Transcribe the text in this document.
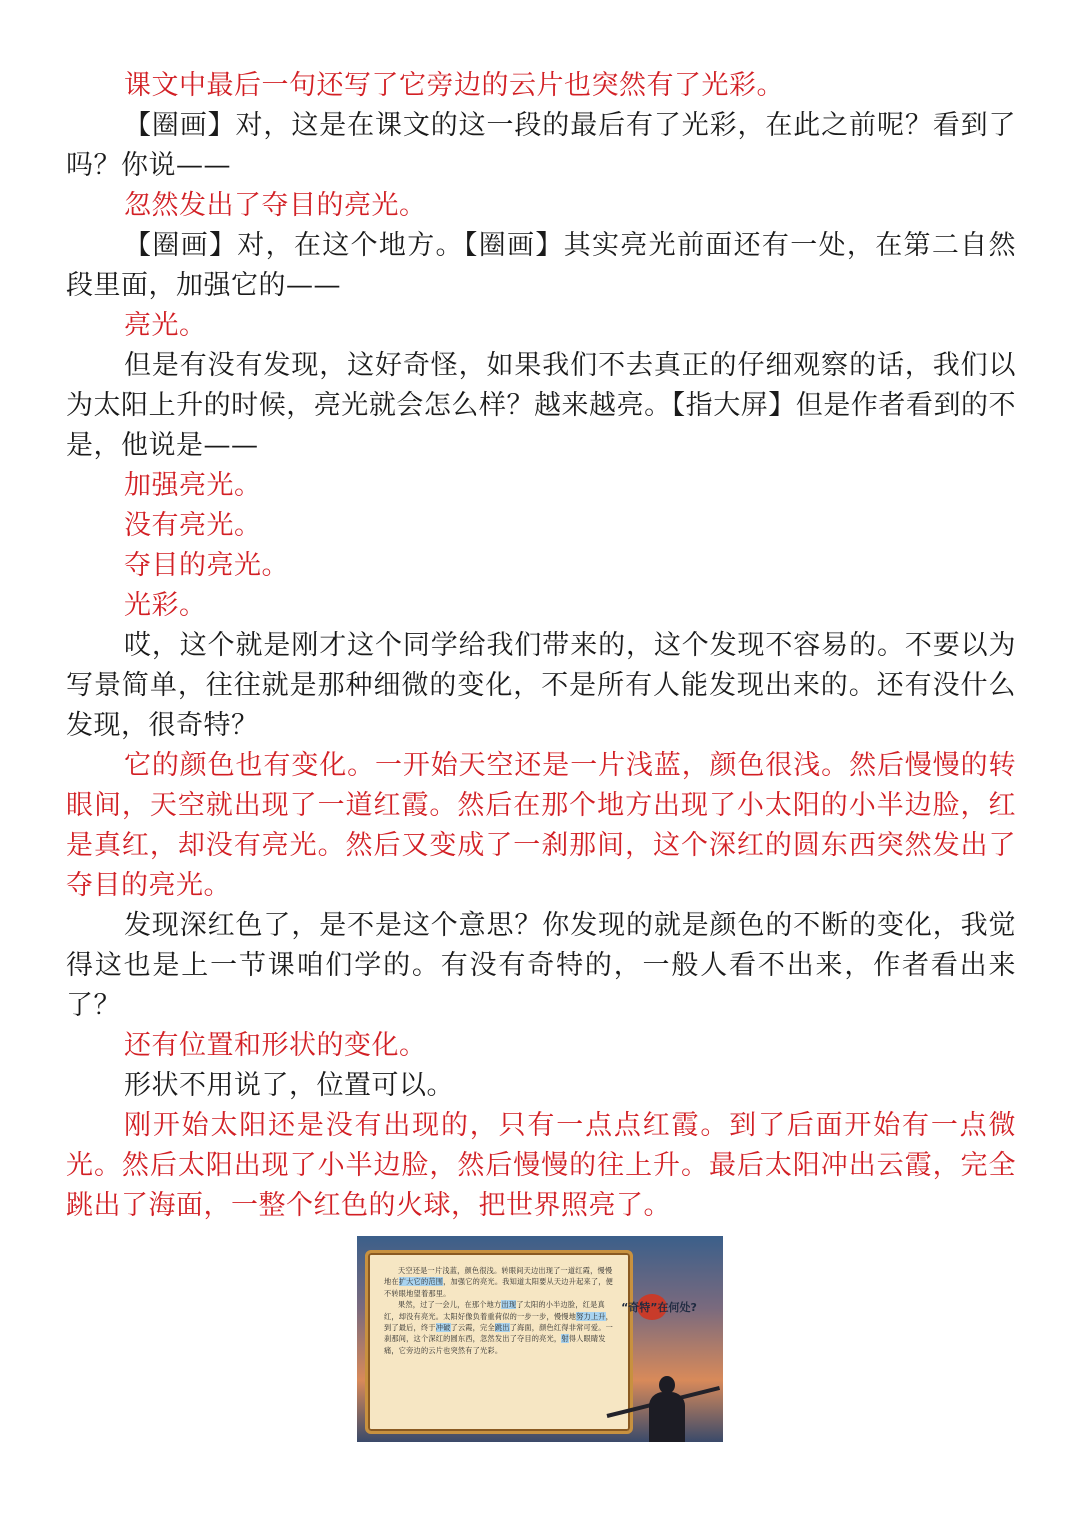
课文中最后一句还写了它旁边的云片也突然有了光彩。

【圈画】对，这是在课文的这一段的最后有了光彩，在此之前呢？看到了吗？你说——

忽然发出了夺目的亮光。

【圈画】对，在这个地方。【圈画】其实亮光前面还有一处，在第二自然段里面，加强它的——

亮光。

但是有没有发现，这好奇怪，如果我们不去真正的仔细观察的话，我们以为太阳上升的时候，亮光就会怎么样？越来越亮。【指大屏】但是作者看到的不是，他说是——

加强亮光。

没有亮光。

夺目的亮光。

光彩。

哎，这个就是刚才这个同学给我们带来的，这个发现不容易的。不要以为写景简单，往往就是那种细微的变化，不是所有人能发现出来的。还有没什么发现，很奇特？

它的颜色也有变化。一开始天空还是一片浅蓝，颜色很浅。然后慢慢的转眼间，天空就出现了一道红霞。然后在那个地方出现了小太阳的小半边脸，红是真红，却没有亮光。然后又变成了一刹那间，这个深红的圆东西突然发出了夺目的亮光。

发现深红色了，是不是这个意思？你发现的就是颜色的不断的变化，我觉得这也是上一节课咱们学的。有没有奇特的，一般人看不出来，作者看出来了？

还有位置和形状的变化。

形状不用说了，位置可以。

刚开始太阳还是没有出现的，只有一点点红霞。到了后面开始有一点微光。然后太阳出现了小半边脸，然后慢慢的往上升。最后太阳冲出云霞，完全跳出了海面，一整个红色的火球，把世界照亮了。

天空还是一片浅蓝，颜色很浅。转眼间天边出现了一道红霞，慢慢地在扩大它的范围，加强它的亮光。我知道太阳要从天边升起来了，便不转眼地望着那里。
果然，过了一会儿，在那个地方出现了太阳的小半边脸，红是真红，却没有亮光。太阳好像负着重荷似的一步一步，慢慢地努力上升，到了最后，终于冲破了云霞，完全跳出了海面，颜色红得非常可爱。一刹那间，这个深红的圆东西，忽然发出了夺目的亮光，射得人眼睛发痛，它旁边的云片也突然有了光彩。

“奇特”在何处?
